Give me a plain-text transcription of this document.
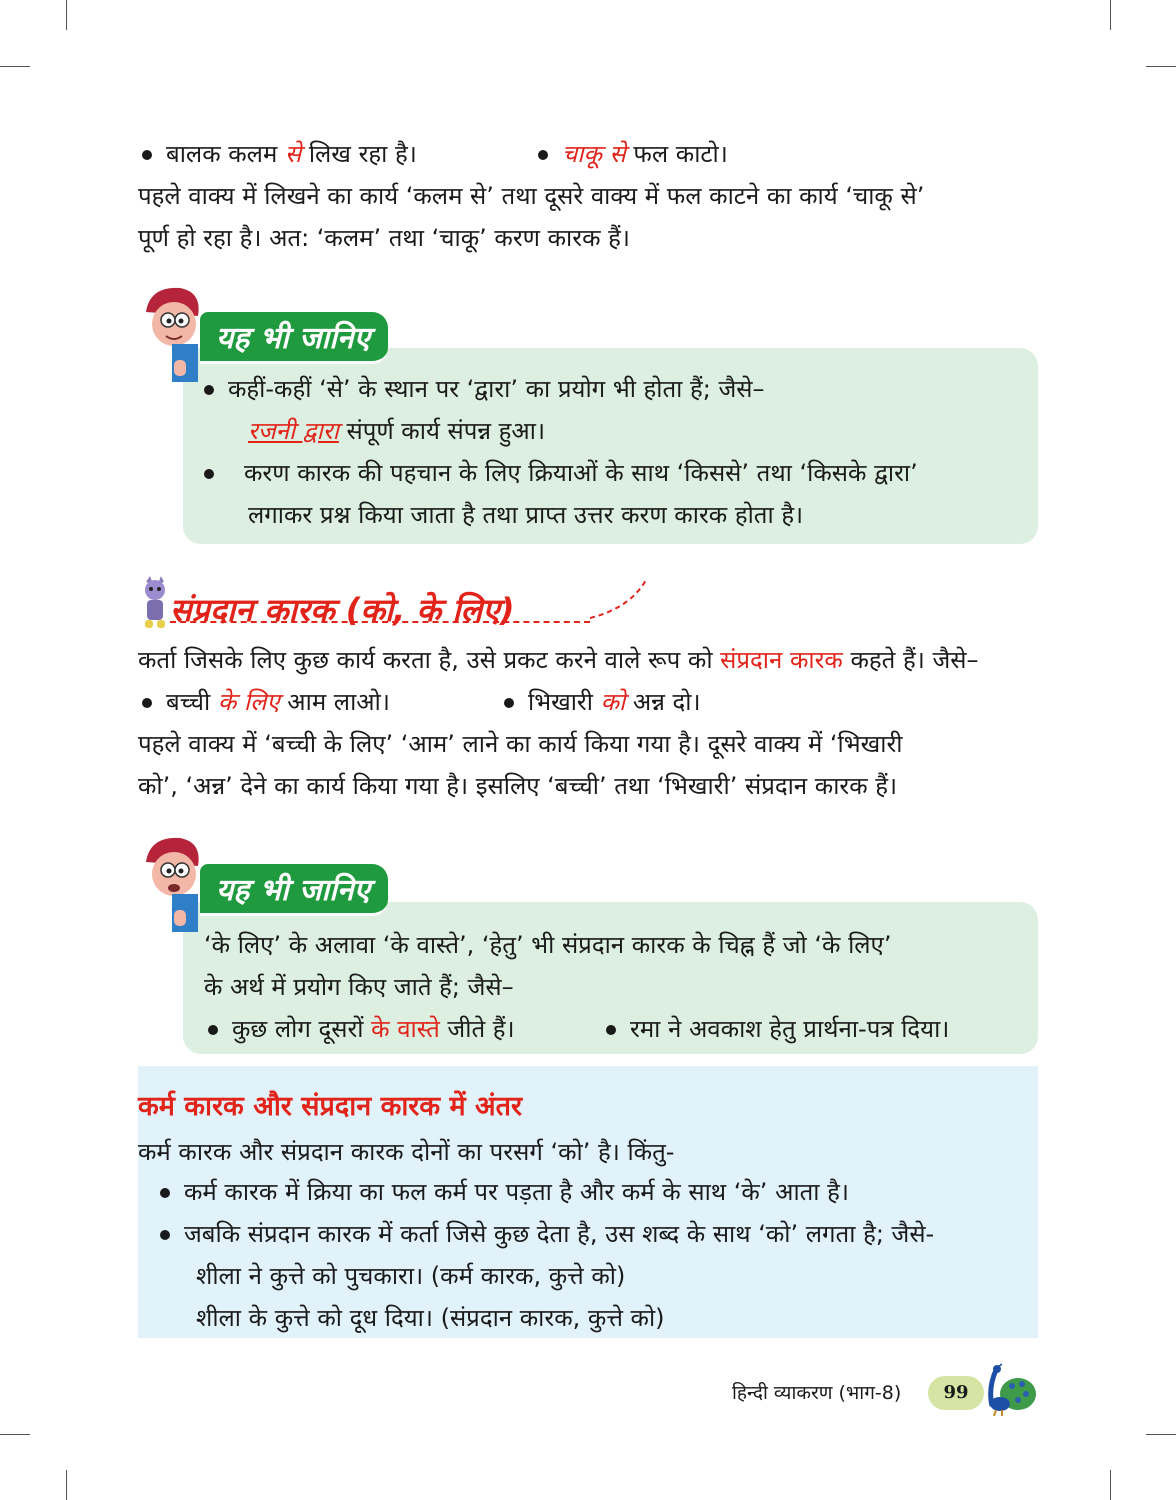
बालक कलम से लिख रहा है।	चाकू से फल काटो।
पहले वाक्य में लिखने का कार्य ‘कलम से’ तथा दूसरे वाक्य में फल काटने का कार्य ‘चाकू से’
पूर्ण हो रहा है। अत: ‘कलम’ तथा ‘चाकू’ करण कारक हैं।
यह भी जानिए
कहीं-कहीं ‘से’ के स्थान पर ‘द्वारा’ का प्रयोग भी होता हैं; जैसे–
रजनी द्वारा संपूर्ण कार्य संपन्न हुआ।
करण कारक की पहचान के लिए क्रियाओं के साथ ‘किससे’ तथा ‘किसके द्वारा’
लगाकर प्रश्न किया जाता है तथा प्राप्त उत्तर करण कारक होता है।
संप्रदान कारक (को, के लिए)
कर्ता जिसके लिए कुछ कार्य करता है, उसे प्रकट करने वाले रूप को संप्रदान कारक कहते हैं। जैसे–
बच्ची के लिए आम लाओ।	भिखारी को अन्न दो।
पहले वाक्य में ‘बच्ची के लिए’ ‘आम’ लाने का कार्य किया गया है। दूसरे वाक्य में ‘भिखारी
को’, ‘अन्न’ देने का कार्य किया गया है। इसलिए ‘बच्ची’ तथा ‘भिखारी’ संप्रदान कारक हैं।
यह भी जानिए
‘के लिए’ के अलावा ‘के वास्ते’, ‘हेतु’ भी संप्रदान कारक के चिह्न हैं जो ‘के लिए’
के अर्थ में प्रयोग किए जाते हैं; जैसे–
कुछ लोग दूसरों के वास्ते जीते हैं।	रमा ने अवकाश हेतु प्रार्थना-पत्र दिया।
कर्म कारक और संप्रदान कारक में अंतर
कर्म कारक और संप्रदान कारक दोनों का परसर्ग ‘को’ है। किंतु-
कर्म कारक में क्रिया का फल कर्म पर पड़ता है और कर्म के साथ ‘के’ आता है।
जबकि संप्रदान कारक में कर्ता जिसे कुछ देता है, उस शब्द के साथ ‘को’ लगता है; जैसे-
शीला ने कुत्ते को पुचकारा। (कर्म कारक, कुत्ते को)
शीला के कुत्ते को दूध दिया। (संप्रदान कारक, कुत्ते को)
हिन्दी व्याकरण (भाग-8)	99
